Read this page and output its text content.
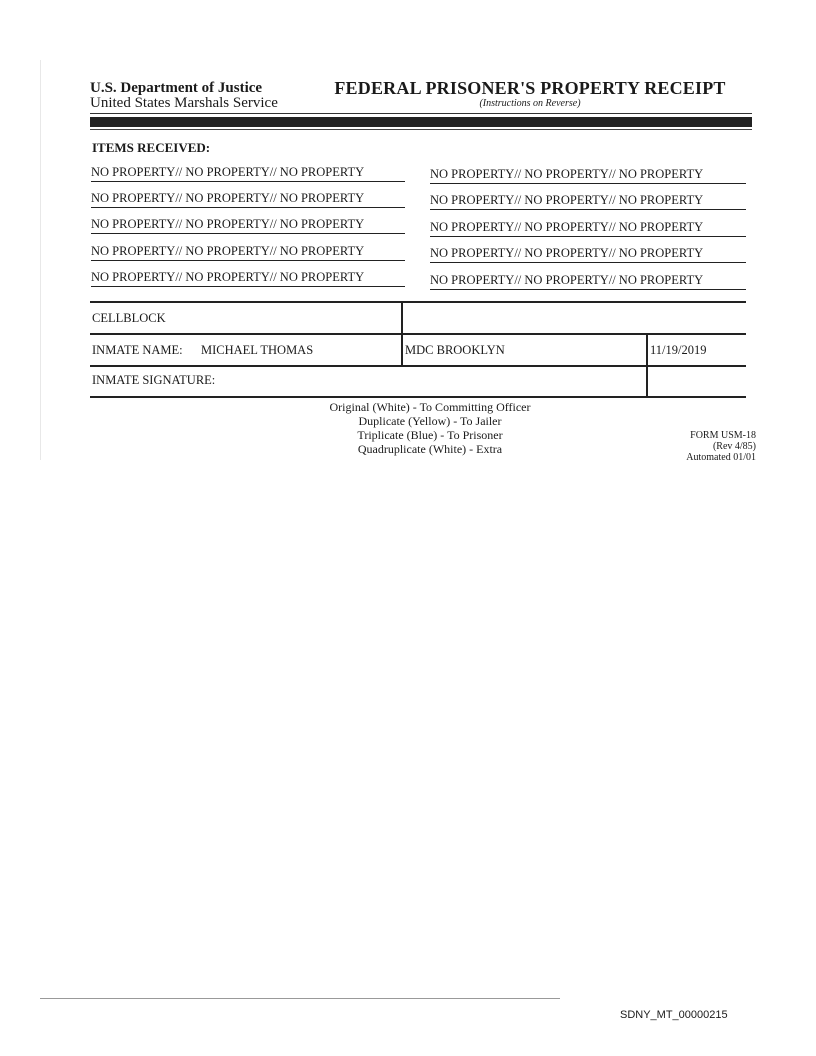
U.S. Department of Justice
United States Marshals Service
FEDERAL PRISONER'S PROPERTY RECEIPT
(Instructions on Reverse)
ITEMS RECEIVED:
NO PROPERTY// NO PROPERTY// NO PROPERTY
NO PROPERTY// NO PROPERTY// NO PROPERTY
NO PROPERTY// NO PROPERTY// NO PROPERTY
NO PROPERTY// NO PROPERTY// NO PROPERTY
NO PROPERTY// NO PROPERTY// NO PROPERTY
NO PROPERTY// NO PROPERTY// NO PROPERTY
NO PROPERTY// NO PROPERTY// NO PROPERTY
NO PROPERTY// NO PROPERTY// NO PROPERTY
NO PROPERTY// NO PROPERTY// NO PROPERTY
NO PROPERTY// NO PROPERTY// NO PROPERTY
CELLBLOCK
INMATE NAME: MICHAEL THOMAS	MDC BROOKLYN	11/19/2019
INMATE SIGNATURE:
Original (White) - To Committing Officer
Duplicate (Yellow) - To Jailer
Triplicate (Blue) - To Prisoner
Quadruplicate (White) - Extra
FORM USM-18
(Rev 4/85)
Automated 01/01
SDNY_MT_00000215
